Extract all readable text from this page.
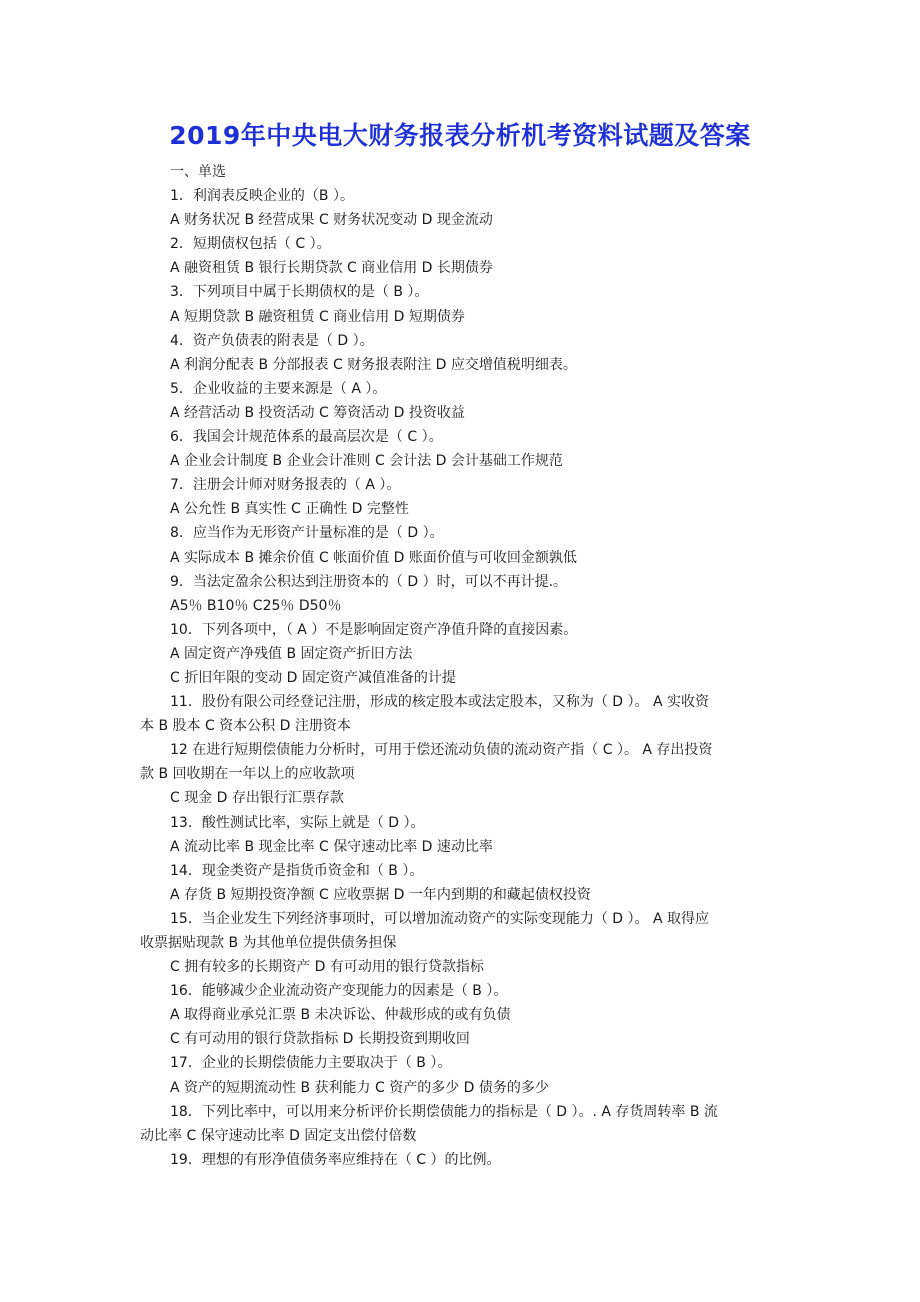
2019年中央电大财务报表分析机考资料试题及答案
一、单选
1．利润表反映企业的（B ）。
A 财务状况 B 经营成果 C 财务状况变动 D 现金流动
2．短期债权包括（ C ）。
A 融资租赁 B 银行长期贷款 C 商业信用 D 长期债券
3．下列项目中属于长期债权的是（ B ）。
A 短期贷款 B 融资租赁 C 商业信用 D 短期债券
4．资产负债表的附表是（ D ）。
A 利润分配表 B 分部报表 C 财务报表附注 D 应交增值税明细表。
5．企业收益的主要来源是（ A ）。
A 经营活动 B 投资活动 C 筹资活动 D 投资收益
6．我国会计规范体系的最高层次是（ C ）。
A 企业会计制度 B 企业会计准则 C 会计法 D 会计基础工作规范
7．注册会计师对财务报表的（ A ）。
A 公允性 B 真实性 C 正确性 D 完整性
8．应当作为无形资产计量标准的是（ D ）。
A 实际成本 B 摊余价值 C 帐面价值 D 账面价值与可收回金额孰低
9．当法定盈余公积达到注册资本的（ D ）时，可以不再计提.。
A5％ B10％ C25％ D50％
10．下列各项中，（ A ）不是影响固定资产净值升降的直接因素。
A 固定资产净残值 B 固定资产折旧方法
C 折旧年限的变动 D 固定资产减值准备的计提
11．股份有限公司经登记注册，形成的核定股本或法定股本，又称为（ D ）。 A 实收资
本 B 股本 C 资本公积 D 注册资本
12 在进行短期偿债能力分析时，可用于偿还流动负债的流动资产指（ C ）。 A 存出投资
款 B 回收期在一年以上的应收款项
C 现金 D 存出银行汇票存款
13．酸性测试比率，实际上就是（ D ）。
A 流动比率 B 现金比率 C 保守速动比率 D 速动比率
14．现金类资产是指货币资金和（ B ）。
A 存货 B 短期投资净额 C 应收票据 D 一年内到期的和藏起债权投资
15．当企业发生下列经济事项时，可以增加流动资产的实际变现能力（ D ）。 A 取得应
收票据贴现款 B 为其他单位提供债务担保
C 拥有较多的长期资产 D 有可动用的银行贷款指标
16．能够减少企业流动资产变现能力的因素是（ B ）。
A 取得商业承兑汇票 B 未决诉讼、仲裁形成的或有负债
C 有可动用的银行贷款指标 D 长期投资到期收回
17．企业的长期偿债能力主要取决于（ B ）。
A 资产的短期流动性 B 获利能力 C 资产的多少 D 债务的多少
18．下列比率中，可以用来分析评价长期偿债能力的指标是（ D ）。. A 存货周转率 B 流
动比率 C 保守速动比率 D 固定支出偿付倍数
19．理想的有形净值债务率应维持在（ C ）的比例。
